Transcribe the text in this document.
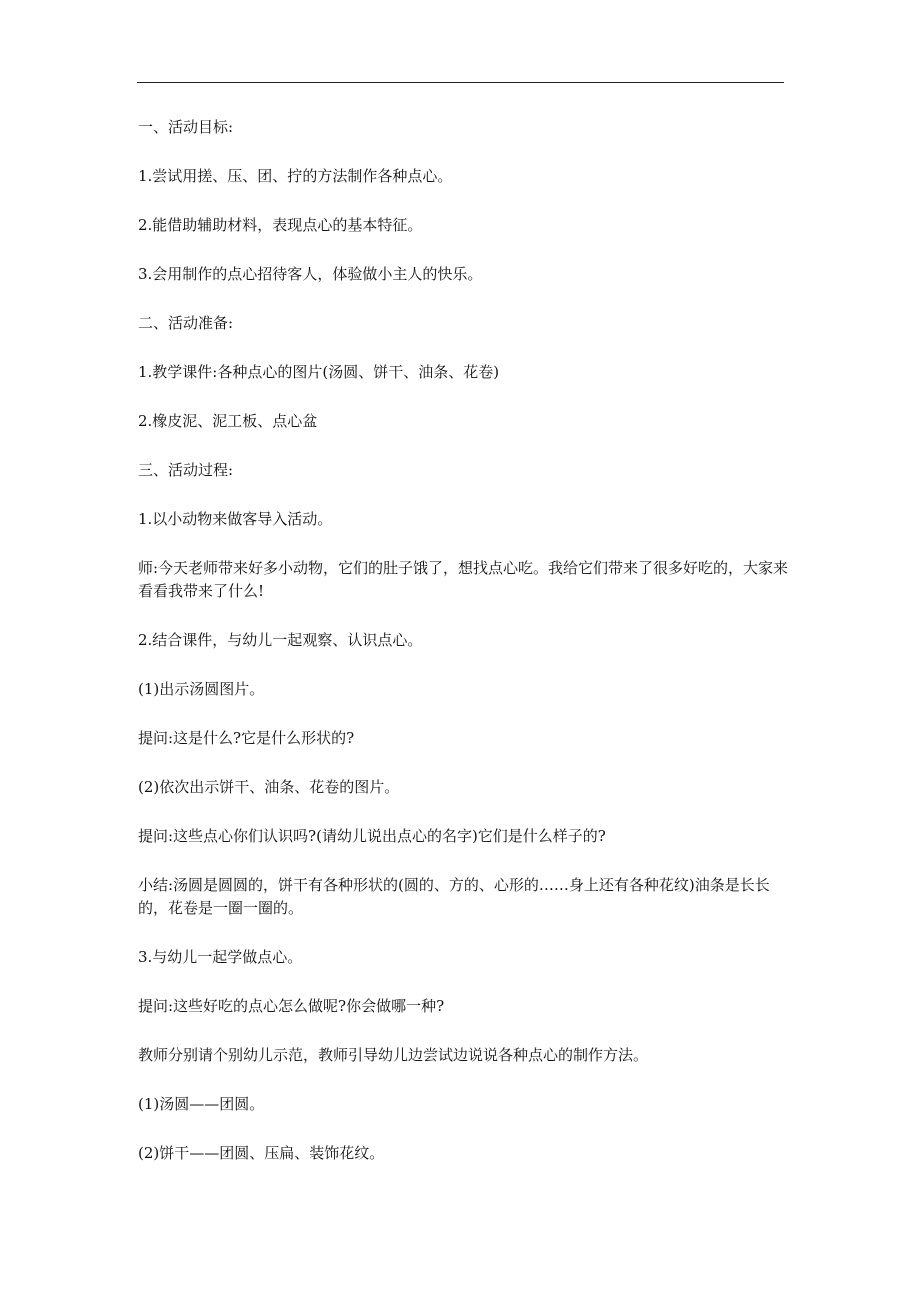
一、活动目标:

1.尝试用搓、压、团、拧的方法制作各种点心。

2.能借助辅助材料，表现点心的基本特征。

3.会用制作的点心招待客人，体验做小主人的快乐。

二、活动准备:

1.教学课件:各种点心的图片(汤圆、饼干、油条、花卷)

2.橡皮泥、泥工板、点心盆

三、活动过程:

1.以小动物来做客导入活动。

师:今天老师带来好多小动物，它们的肚子饿了，想找点心吃。我给它们带来了很多好吃的，大家来看看我带来了什么!

2.结合课件，与幼儿一起观察、认识点心。

(1)出示汤圆图片。

提问:这是什么?它是什么形状的?

(2)依次出示饼干、油条、花卷的图片。

提问:这些点心你们认识吗?(请幼儿说出点心的名字)它们是什么样子的?

小结:汤圆是圆圆的，饼干有各种形状的(圆的、方的、心形的……身上还有各种花纹)油条是长长的，花卷是一圈一圈的。

3.与幼儿一起学做点心。

提问:这些好吃的点心怎么做呢?你会做哪一种?

教师分别请个别幼儿示范，教师引导幼儿边尝试边说说各种点心的制作方法。

(1)汤圆——团圆。

(2)饼干——团圆、压扁、装饰花纹。
